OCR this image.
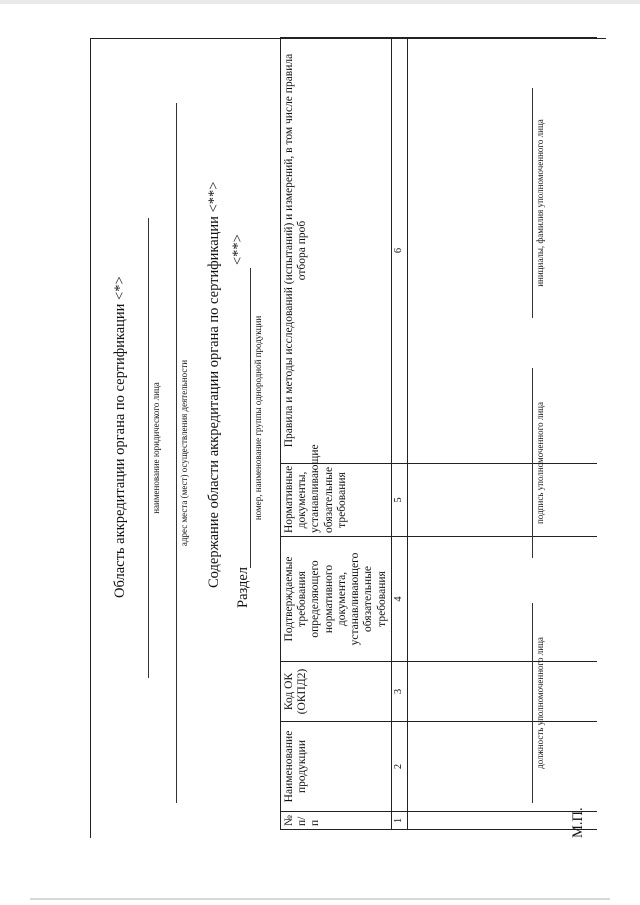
Область аккредитации органа по сертификации <*>	наименование юридического лица адрес места (мест) осуществления деятельности Содержание области аккредитации органа по сертификации <**> Раздел
<**>
номер, наименование группы однородной продукции
№ п/п	Наименование продукции	Код ОК (ОКПД2)	Подтверждаемые требования определяющего нормативного документа, устанавливающего обязательные требования	Нормативные документы, устанавливающие обязательные требования	Правила и методы исследований (испытаний) и измерений, в том числе правила отбора проб
1	2	3	4	5	6

должность уполномоченного лица
подпись уполномоченного лица
инициалы, фамилия уполномоченного лица
М.П.
